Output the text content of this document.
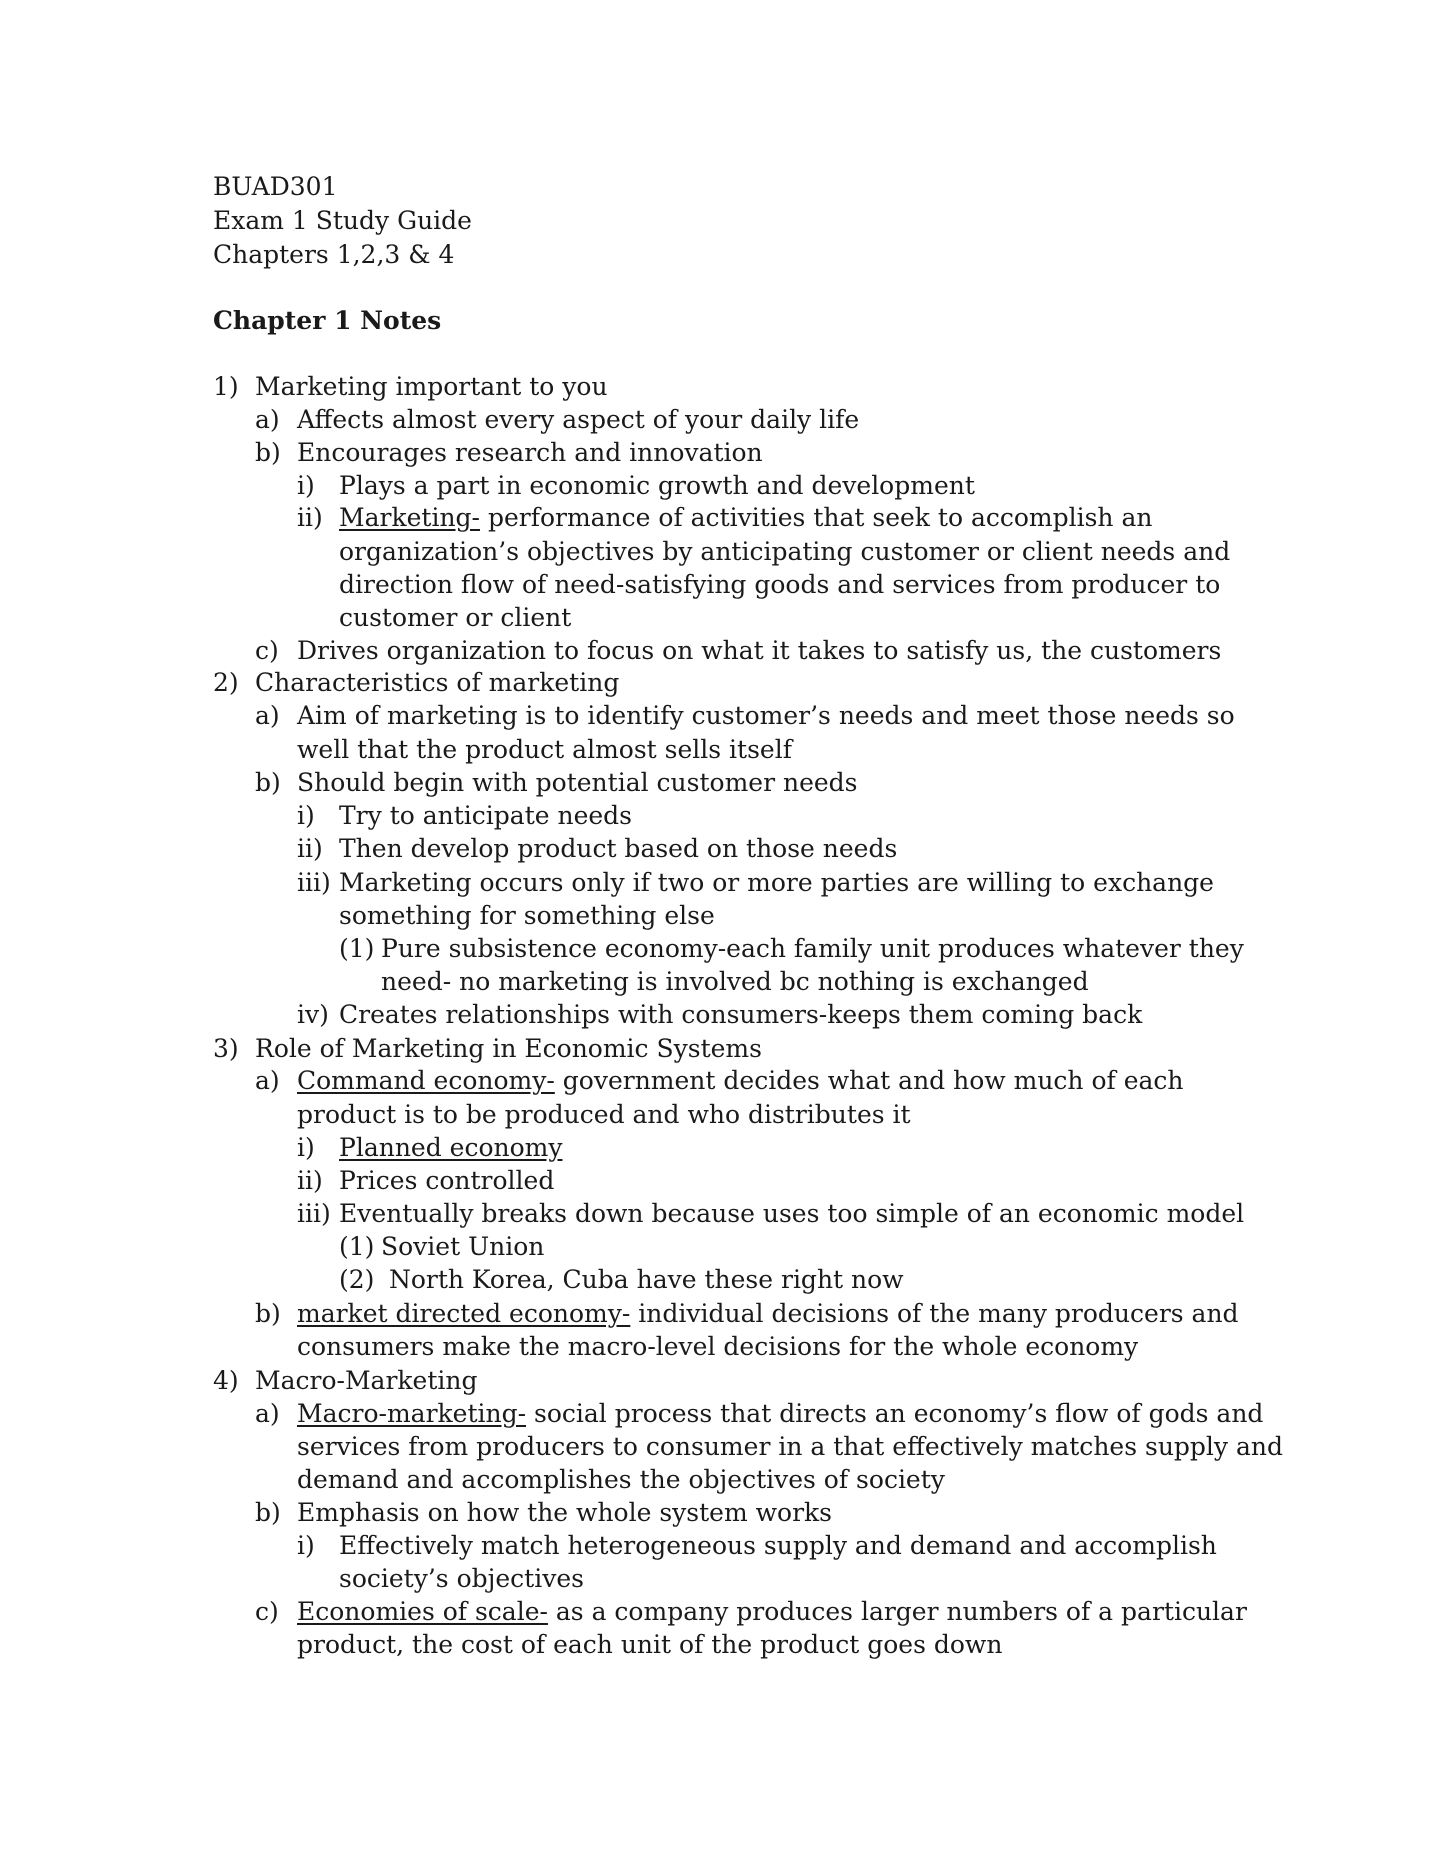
BUAD301
Exam 1 Study Guide
Chapters 1,2,3 & 4
Chapter 1 Notes
1) Marketing important to you
a) Affects almost every aspect of your daily life
b) Encourages research and innovation
i) Plays a part in economic growth and development
ii) Marketing- performance of activities that seek to accomplish an
organization’s objectives by anticipating customer or client needs and
direction flow of need-satisfying goods and services from producer to
customer or client
c) Drives organization to focus on what it takes to satisfy us, the customers
2) Characteristics of marketing
a) Aim of marketing is to identify customer’s needs and meet those needs so
well that the product almost sells itself
b) Should begin with potential customer needs
i) Try to anticipate needs
ii) Then develop product based on those needs
iii) Marketing occurs only if two or more parties are willing to exchange
something for something else
(1) Pure subsistence economy-each family unit produces whatever they
need- no marketing is involved bc nothing is exchanged
iv) Creates relationships with consumers-keeps them coming back
3) Role of Marketing in Economic Systems
a) Command economy- government decides what and how much of each
product is to be produced and who distributes it
i) Planned economy
ii) Prices controlled
iii) Eventually breaks down because uses too simple of an economic model
(1) Soviet Union
(2) North Korea, Cuba have these right now
b) market directed economy- individual decisions of the many producers and
consumers make the macro-level decisions for the whole economy
4) Macro-Marketing
a) Macro-marketing- social process that directs an economy’s flow of gods and
services from producers to consumer in a that effectively matches supply and
demand and accomplishes the objectives of society
b) Emphasis on how the whole system works
i) Effectively match heterogeneous supply and demand and accomplish
society’s objectives
c) Economies of scale- as a company produces larger numbers of a particular
product, the cost of each unit of the product goes down
